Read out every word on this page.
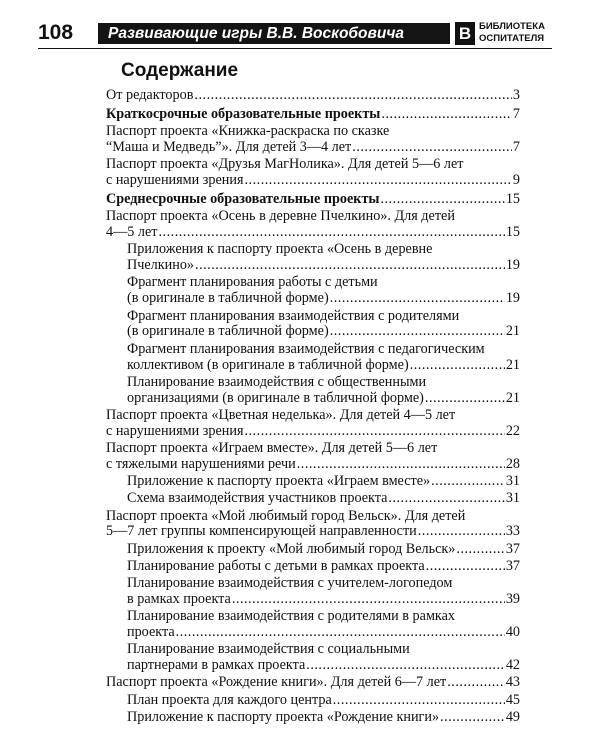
108	Развивающие игры В.В. Воскобовича	В БИБЛИОТЕКА
ОСПИТАТЕЛЯ
Содержание
От редакторов .....	3
Краткосрочные образовательные проекты .....	7
Паспорт проекта «Книжка-раскраска по сказке
“Маша и Медведь”». Для детей 3—4 лет .....	7
Паспорт проекта «Друзья МагНолика». Для детей 5—6 лет
с нарушениями зрения .....	9
Среднесрочные образовательные проекты .....	15
Паспорт проекта «Осень в деревне Пчелкино». Для детей
4—5 лет .....	15
Приложения к паспорту проекта «Осень в деревне
Пчелкино» .....	19
Фрагмент планирования работы с детьми
(в оригинале в табличной форме) .....	19
Фрагмент планирования взаимодействия с родителями
(в оригинале в табличной форме) .....	21
Фрагмент планирования взаимодействия с педагогическим
коллективом (в оригинале в табличной форме) .....	21
Планирование взаимодействия с общественными
организациями (в оригинале в табличной форме) .....	21
Паспорт проекта «Цветная неделька». Для детей 4—5 лет
с нарушениями зрения .....	22
Паспорт проекта «Играем вместе». Для детей 5—6 лет
с тяжелыми нарушениями речи .....	28
Приложение к паспорту проекта «Играем вместе» .....	31
Схема взаимодействия участников проекта .....	31
Паспорт проекта «Мой любимый город Вельск». Для детей
5—7 лет группы компенсирующей направленности .....	33
Приложения к проекту «Мой любимый город Вельск» .....	37
Планирование работы с детьми в рамках проекта .....	37
Планирование взаимодействия с учителем-логопедом
в рамках проекта .....	39
Планирование взаимодействия с родителями в рамках
проекта .....	40
Планирование взаимодействия с социальными
партнерами в рамках проекта .....	42
Паспорт проекта «Рождение книги». Для детей 6—7 лет .....	43
План проекта для каждого центра .....	45
Приложение к паспорту проекта «Рождение книги» .....	49
